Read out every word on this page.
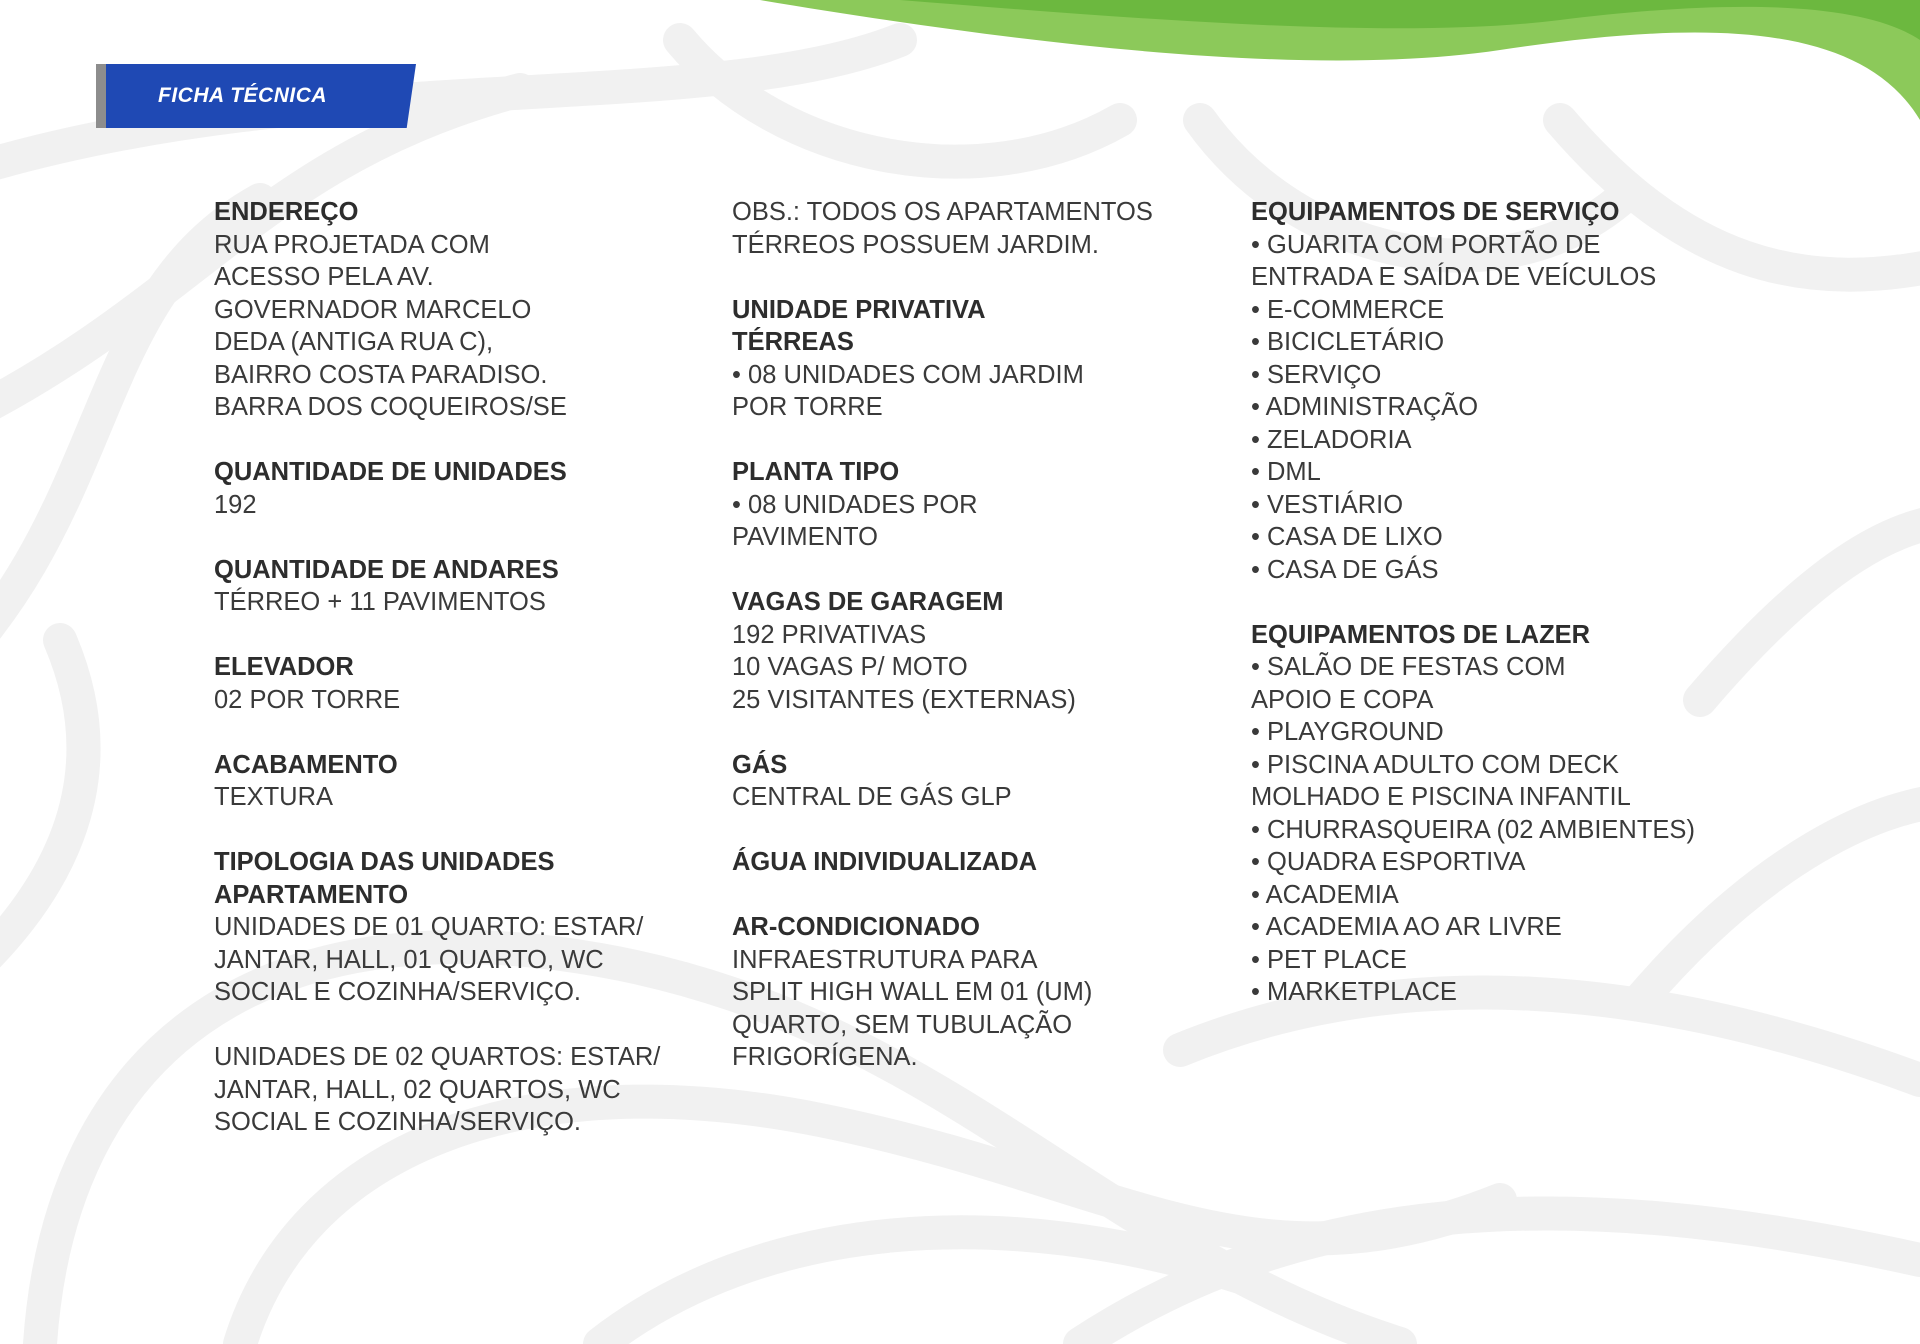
FICHA TÉCNICA
ENDEREÇO
RUA PROJETADA COM
ACESSO PELA AV.
GOVERNADOR MARCELO
DEDA (ANTIGA RUA C),
BAIRRO COSTA PARADISO.
BARRA DOS COQUEIROS/SE
QUANTIDADE DE UNIDADES
192
QUANTIDADE DE ANDARES
TÉRREO + 11 PAVIMENTOS
ELEVADOR
02 POR TORRE
ACABAMENTO
TEXTURA
TIPOLOGIA DAS UNIDADES
APARTAMENTO
UNIDADES DE 01 QUARTO: ESTAR/
JANTAR, HALL, 01 QUARTO, WC
SOCIAL E COZINHA/SERVIÇO.
UNIDADES DE 02 QUARTOS: ESTAR/
JANTAR, HALL, 02 QUARTOS, WC
SOCIAL E COZINHA/SERVIÇO.
OBS.: TODOS OS APARTAMENTOS
TÉRREOS POSSUEM JARDIM.
UNIDADE PRIVATIVA
TÉRREAS
• 08 UNIDADES COM JARDIM
POR TORRE
PLANTA TIPO
• 08 UNIDADES POR
PAVIMENTO
VAGAS DE GARAGEM
192 PRIVATIVAS
10 VAGAS P/ MOTO
25 VISITANTES (EXTERNAS)
GÁS
CENTRAL DE GÁS GLP
ÁGUA INDIVIDUALIZADA
AR-CONDICIONADO
INFRAESTRUTURA PARA
SPLIT HIGH WALL EM 01 (UM)
QUARTO, SEM TUBULAÇÃO
FRIGORÍGENA.
EQUIPAMENTOS DE SERVIÇO
• GUARITA COM PORTÃO DE
ENTRADA E SAÍDA DE VEÍCULOS
• E-COMMERCE
• BICICLETÁRIO
• SERVIÇO
• ADMINISTRAÇÃO
• ZELADORIA
• DML
• VESTIÁRIO
• CASA DE LIXO
• CASA DE GÁS
EQUIPAMENTOS DE LAZER
• SALÃO DE FESTAS COM
APOIO E COPA
• PLAYGROUND
• PISCINA ADULTO COM DECK
MOLHADO E PISCINA INFANTIL
• CHURRASQUEIRA (02 AMBIENTES)
• QUADRA ESPORTIVA
• ACADEMIA
• ACADEMIA AO AR LIVRE
• PET PLACE
• MARKETPLACE
